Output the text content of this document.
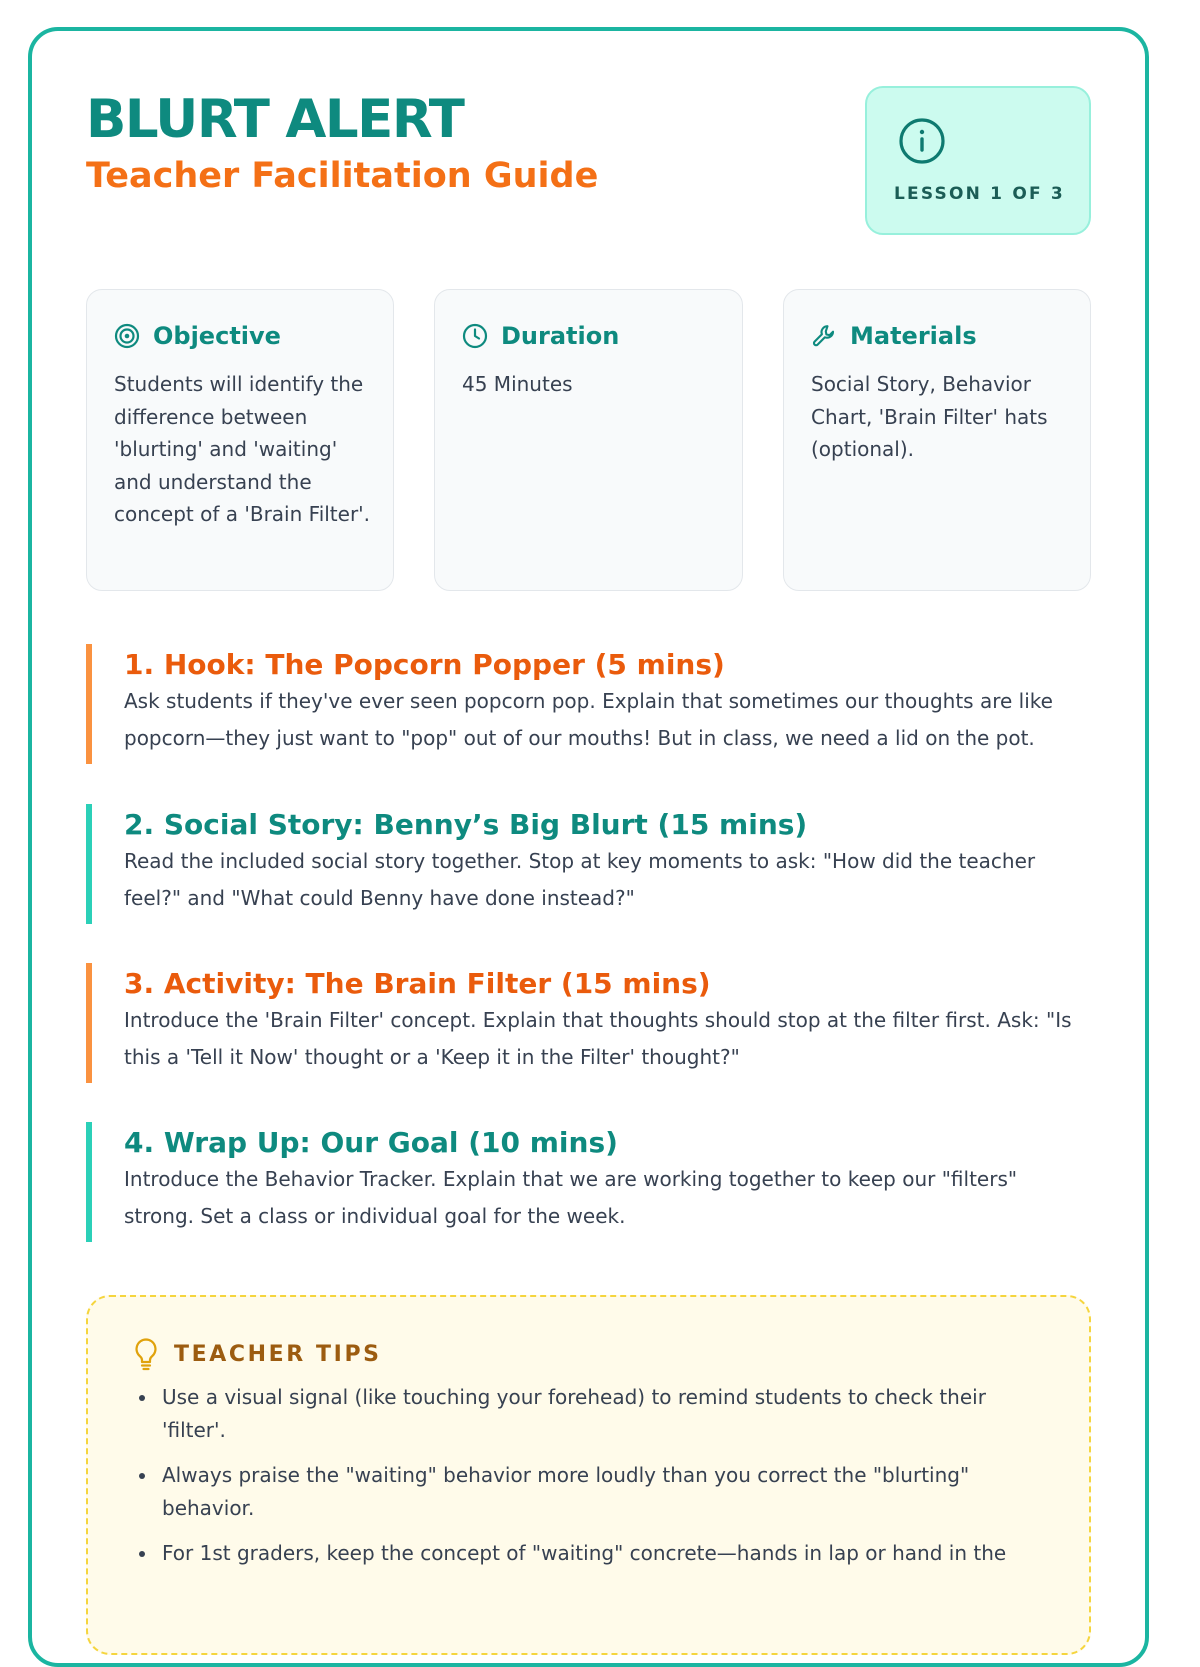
BLURT ALERT
Teacher Facilitation Guide	LESSON 1 OF 3
Objective
Students will identify the difference between 'blurting' and 'waiting' and understand the concept of a 'Brain Filter'.
Duration
45 Minutes
Materials
Social Story, Behavior Chart, 'Brain Filter' hats (optional).
1. Hook: The Popcorn Popper (5 mins)

Ask students if they've ever seen popcorn pop. Explain that sometimes our thoughts are like popcorn—they just want to "pop" out of our mouths! But in class, we need a lid on the pot.

2. Social Story: Benny’s Big Blurt (15 mins)

Read the included social story together. Stop at key moments to ask: "How did the teacher feel?" and "What could Benny have done instead?"

3. Activity: The Brain Filter (15 mins)

Introduce the 'Brain Filter' concept. Explain that thoughts should stop at the filter first. Ask: "Is this a 'Tell it Now' thought or a 'Keep it in the Filter' thought?"

4. Wrap Up: Our Goal (10 mins)

Introduce the Behavior Tracker. Explain that we are working together to keep our "filters" strong. Set a class or individual goal for the week.

TEACHER TIPS
Use a visual signal (like touching your forehead) to remind students to check their 'filter'.
Always praise the "waiting" behavior more loudly than you correct the "blurting" behavior.
For 1st graders, keep the concept of "waiting" concrete—hands in lap or hand in the
